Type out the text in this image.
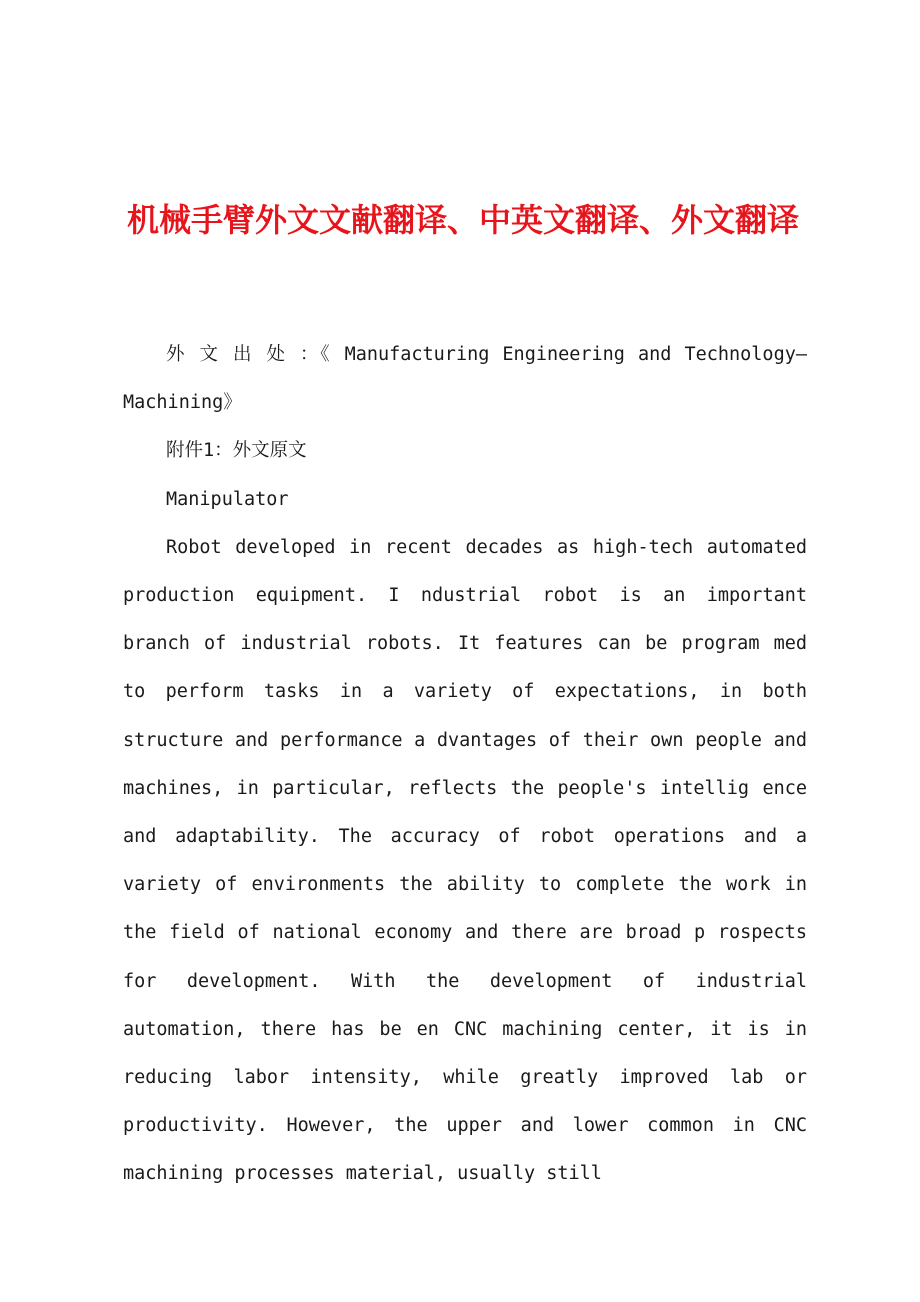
机械手臂外文文献翻译、中英文翻译、外文翻译

外 文 出 处 ：《 Manufacturing Engineering and Technology—Machining》

附件1：外文原文

Manipulator

Robot developed in recent decades as high-tech automated production equipment. I ndustrial robot is an important branch of industrial robots. It features can be program med to perform tasks in a variety of expectations, in both structure and performance a dvantages of their own people and machines, in particular, reflects the people's intellig ence and adaptability. The accuracy of robot operations and a variety of environments the ability to complete the work in the field of national economy and there are broad p rospects for development. With the development of industrial automation, there has be en CNC machining center, it is in reducing labor intensity, while greatly improved lab or productivity. However, the upper and lower common in CNC machining processes material, usually still
